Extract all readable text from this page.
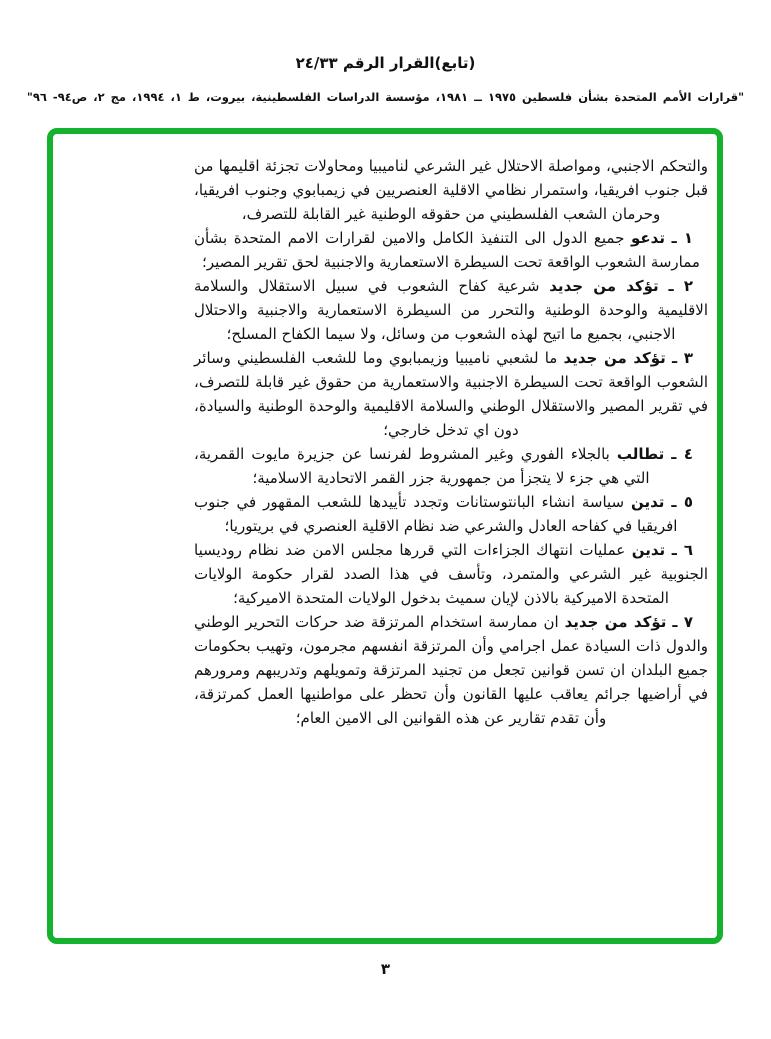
(تابع)القرار الرقم ٢٤/٣٣
"قرارات الأمم المتحدة بشأن فلسطين ١٩٧٥ ــ ١٩٨١، مؤسسة الدراسات الفلسطينية، بيروت، ط ١، ١٩٩٤، مج ٢، ص٩٤- ٩٦"

والتحكم الاجنبي، ومواصلة الاحتلال غير الشرعي لناميبيا ومحاولات تجزئة اقليمها من قبل جنوب افريقيا، واستمرار نظامي الاقلية العنصريين في زيمبابوي وجنوب افريقيا، وحرمان الشعب الفلسطيني من حقوقه الوطنية غير القابلة للتصرف،

١ ـ تدعو جميع الدول الى التنفيذ الكامل والامين لقرارات الامم المتحدة بشأن ممارسة الشعوب الواقعة تحت السيطرة الاستعمارية والاجنبية لحق تقرير المصير؛

٢ ـ تؤكد من جديد شرعية كفاح الشعوب في سبيل الاستقلال والسلامة الاقليمية والوحدة الوطنية والتحرر من السيطرة الاستعمارية والاجنبية والاحتلال الاجنبي، بجميع ما اتيح لهذه الشعوب من وسائل، ولا سيما الكفاح المسلح؛

٣ ـ تؤكد من جديد ما لشعبي ناميبيا وزيمبابوي وما للشعب الفلسطيني وسائر الشعوب الواقعة تحت السيطرة الاجنبية والاستعمارية من حقوق غير قابلة للتصرف، في تقرير المصير والاستقلال الوطني والسلامة الاقليمية والوحدة الوطنية والسيادة، دون اي تدخل خارجي؛

٤ ـ تطالب بالجلاء الفوري وغير المشروط لفرنسا عن جزيرة مايوت القمرية، التي هي جزء لا يتجزأ من جمهورية جزر القمر الاتحادية الاسلامية؛

٥ ـ تدين سياسة انشاء البانتوستانات وتجدد تأييدها للشعب المقهور في جنوب افريقيا في كفاحه العادل والشرعي ضد نظام الاقلية العنصري في بريتوريا؛

٦ ـ تدين عمليات انتهاك الجزاءات التي قررها مجلس الامن ضد نظام روديسيا الجنوبية غير الشرعي والمتمرد، وتأسف في هذا الصدد لقرار حكومة الولايات المتحدة الاميركية بالاذن لإيان سميث بدخول الولايات المتحدة الاميركية؛

٧ ـ تؤكد من جديد ان ممارسة استخدام المرتزقة ضد حركات التحرير الوطني والدول ذات السيادة عمل اجرامي وأن المرتزقة انفسهم مجرمون، وتهيب بحكومات جميع البلدان ان تسن قوانين تجعل من تجنيد المرتزقة وتمويلهم وتدريبهم ومرورهم في أراضيها جرائم يعاقب عليها القانون وأن تحظر على مواطنيها العمل كمرتزقة، وأن تقدم تقارير عن هذه القوانين الى الامين العام؛

٣
